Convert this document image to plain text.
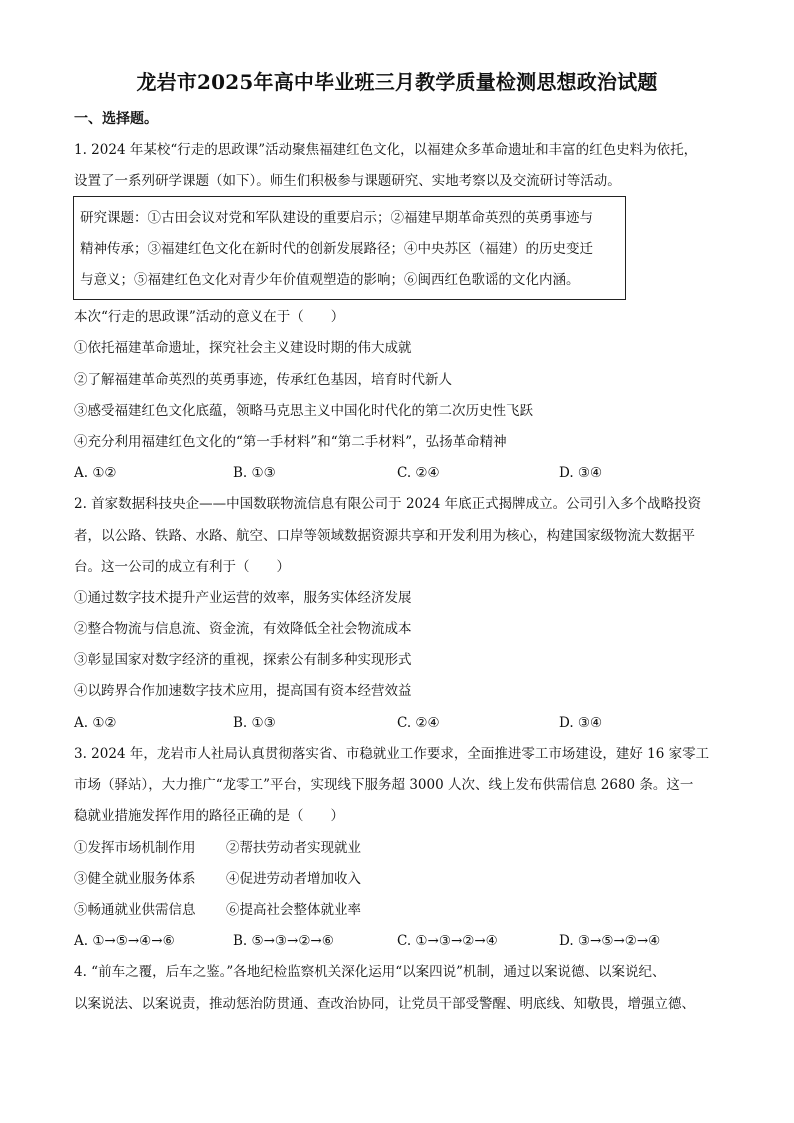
龙岩市2025年高中毕业班三月教学质量检测思想政治试题
一、选择题。
1. 2024 年某校“行走的思政课”活动聚焦福建红色文化，以福建众多革命遗址和丰富的红色史料为依托，
设置了一系列研学课题（如下）。师生们积极参与课题研究、实地考察以及交流研讨等活动。
研究课题：①古田会议对党和军队建设的重要启示；②福建早期革命英烈的英勇事迹与
精神传承；③福建红色文化在新时代的创新发展路径；④中央苏区（福建）的历史变迁
与意义；⑤福建红色文化对青少年价值观塑造的影响；⑥闽西红色歌谣的文化内涵。
本次“行走的思政课”活动的意义在于（　　）
①依托福建革命遗址，探究社会主义建设时期的伟大成就
②了解福建革命英烈的英勇事迹，传承红色基因，培育时代新人
③感受福建红色文化底蕴，领略马克思主义中国化时代化的第二次历史性飞跃
④充分利用福建红色文化的“第一手材料”和“第二手材料”，弘扬革命精神
A. ①②	B. ①③	C. ②④	D. ③④
2. 首家数据科技央企——中国数联物流信息有限公司于 2024 年底正式揭牌成立。公司引入多个战略投资
者，以公路、铁路、水路、航空、口岸等领域数据资源共享和开发利用为核心，构建国家级物流大数据平
台。这一公司的成立有利于（　　）
①通过数字技术提升产业运营的效率，服务实体经济发展
②整合物流与信息流、资金流，有效降低全社会物流成本
③彰显国家对数字经济的重视，探索公有制多种实现形式
④以跨界合作加速数字技术应用，提高国有资本经营效益
A. ①②	B. ①③	C. ②④	D. ③④
3. 2024 年，龙岩市人社局认真贯彻落实省、市稳就业工作要求，全面推进零工市场建设，建好 16 家零工
市场（驿站），大力推广“龙零工”平台，实现线下服务超 3000 人次、线上发布供需信息 2680 条。这一
稳就业措施发挥作用的路径正确的是（　　）
①发挥市场机制作用 ②帮扶劳动者实现就业
③健全就业服务体系 ④促进劳动者增加收入
⑤畅通就业供需信息 ⑥提高社会整体就业率
A. ①→⑤→④→⑥	B. ⑤→③→②→⑥	C. ①→③→②→④	D. ③→⑤→②→④
4. “前车之覆，后车之鉴。”各地纪检监察机关深化运用“以案四说”机制，通过以案说德、以案说纪、
以案说法、以案说责，推动惩治防贯通、查改治协同，让党员干部受警醒、明底线、知敬畏，增强立德、
